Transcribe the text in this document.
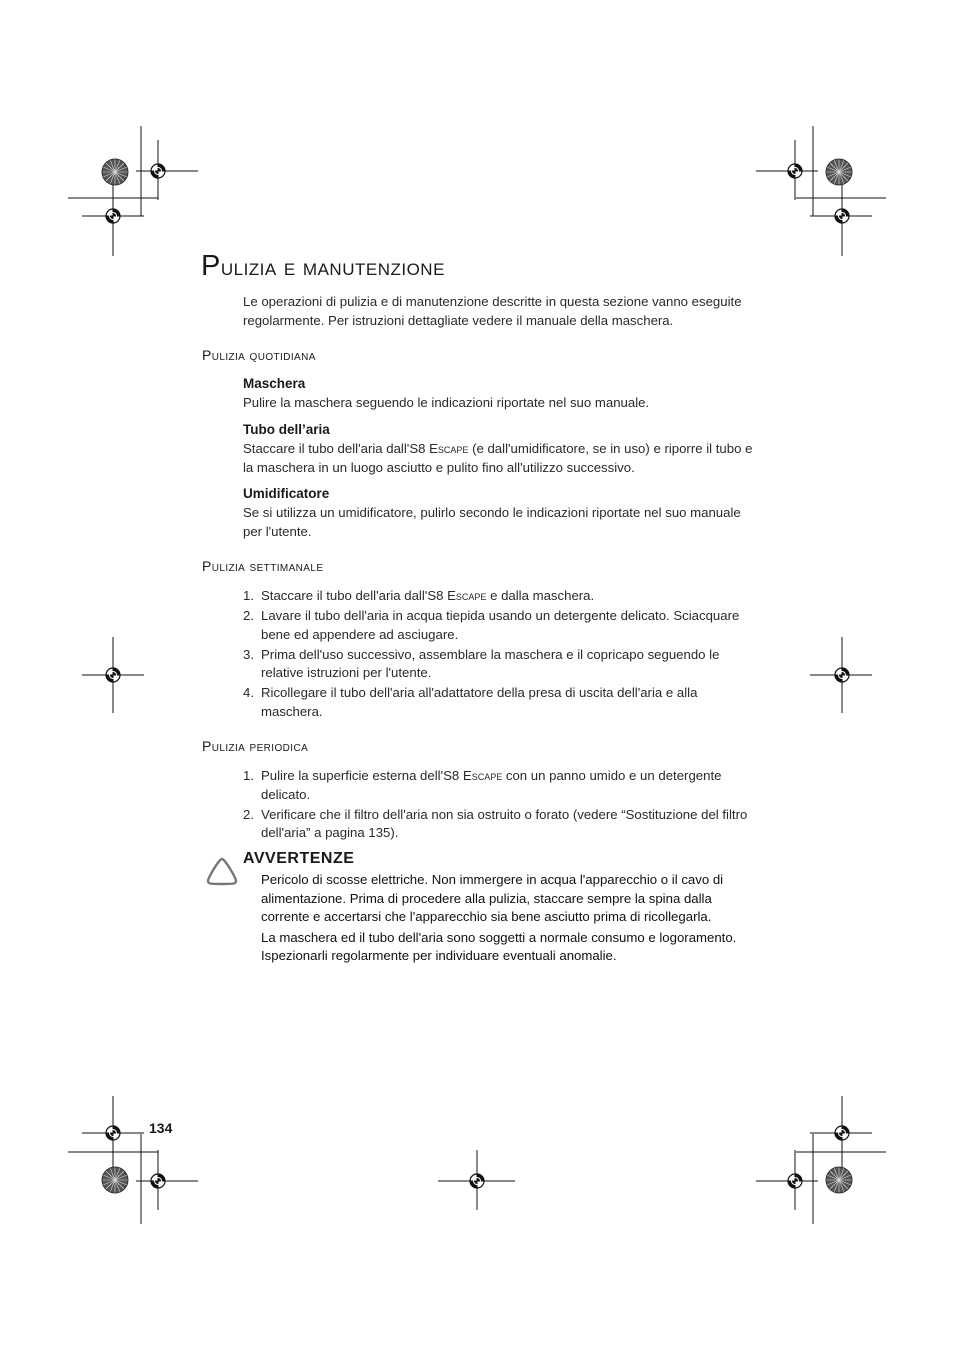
Pulizia e manutenzione
Le operazioni di pulizia e di manutenzione descritte in questa sezione vanno eseguite regolarmente. Per istruzioni dettagliate vedere il manuale della maschera.
Pulizia quotidiana
Maschera
Pulire la maschera seguendo le indicazioni riportate nel suo manuale.
Tubo dell’aria
Staccare il tubo dell'aria dall'S8 Escape (e dall'umidificatore, se in uso) e riporre il tubo e la maschera in un luogo asciutto e pulito fino all'utilizzo successivo.
Umidificatore
Se si utilizza un umidificatore, pulirlo secondo le indicazioni riportate nel suo manuale per l'utente.
Pulizia settimanale
1. Staccare il tubo dell'aria dall'S8 Escape e dalla maschera.
2. Lavare il tubo dell'aria in acqua tiepida usando un detergente delicato. Sciacquare bene ed appendere ad asciugare.
3. Prima dell'uso successivo, assemblare la maschera e il copricapo seguendo le relative istruzioni per l'utente.
4. Ricollegare il tubo dell'aria all'adattatore della presa di uscita dell'aria e alla maschera.
Pulizia periodica
1. Pulire la superficie esterna dell'S8 Escape con un panno umido e un detergente delicato.
2. Verificare che il filtro dell'aria non sia ostruito o forato (vedere “Sostituzione del filtro dell'aria” a pagina 135).
AVVERTENZE

Pericolo di scosse elettriche. Non immergere in acqua l'apparecchio o il cavo di alimentazione. Prima di procedere alla pulizia, staccare sempre la spina dalla corrente e accertarsi che l'apparecchio sia bene asciutto prima di ricollegarla.

La maschera ed il tubo dell'aria sono soggetti a normale consumo e logoramento. Ispezionarli regolarmente per individuare eventuali anomalie.

134
